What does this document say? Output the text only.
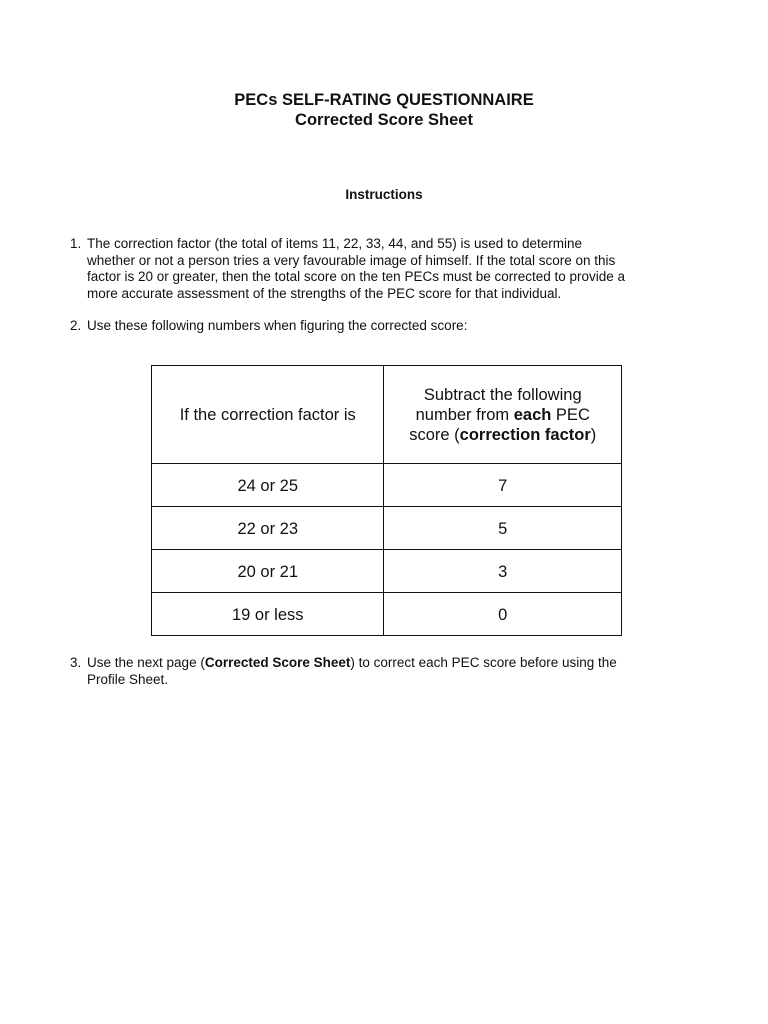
PECs SELF-RATING QUESTIONNAIRE
Corrected Score Sheet
Instructions
1. The correction factor (the total of items 11, 22, 33, 44, and 55) is used to determine
whether or not a person tries a very favourable image of himself. If the total score on this
factor is 20 or greater, then the total score on the ten PECs must be corrected to provide a
more accurate assessment of the strengths of the PEC score for that individual.
2. Use these following numbers when figuring the corrected score:
If the correction factor is	Subtract the following
number from each PEC
score (correction factor)

24 or 25	7
22 or 23	5
20 or 21	3
19 or less	0
3. Use the next page (Corrected Score Sheet) to correct each PEC score before using the
Profile Sheet.
